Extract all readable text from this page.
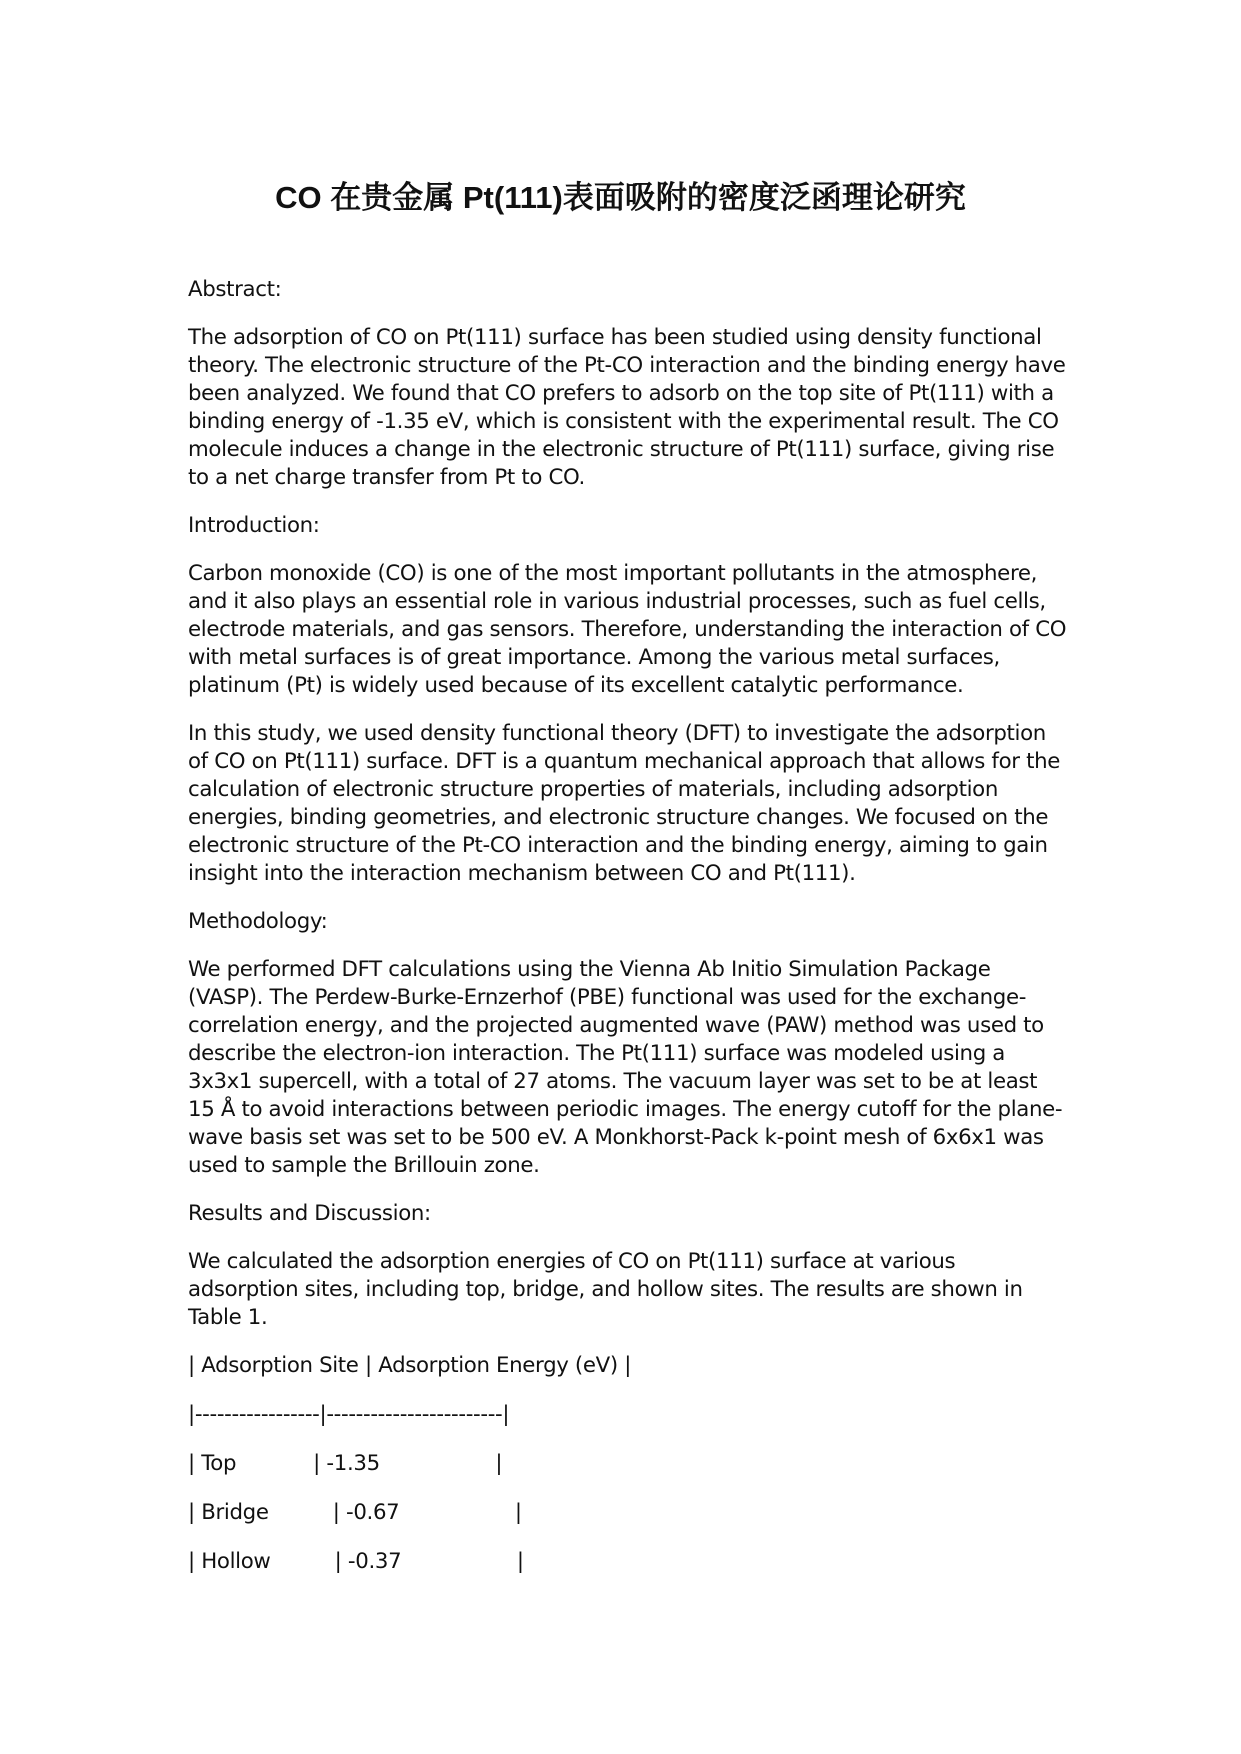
CO 在贵金属 Pt(111)表面吸附的密度泛函理论研究

Abstract:

The adsorption of CO on Pt(111) surface has been studied using density functional theory. The electronic structure of the Pt-CO interaction and the binding energy have been analyzed. We found that CO prefers to adsorb on the top site of Pt(111) with a binding energy of -1.35 eV, which is consistent with the experimental result. The CO molecule induces a change in the electronic structure of Pt(111) surface, giving rise to a net charge transfer from Pt to CO.

Introduction:

Carbon monoxide (CO) is one of the most important pollutants in the atmosphere, and it also plays an essential role in various industrial processes, such as fuel cells, electrode materials, and gas sensors. Therefore, understanding the interaction of CO with metal surfaces is of great importance. Among the various metal surfaces, platinum (Pt) is widely used because of its excellent catalytic performance.

In this study, we used density functional theory (DFT) to investigate the adsorption of CO on Pt(111) surface. DFT is a quantum mechanical approach that allows for the calculation of electronic structure properties of materials, including adsorption energies, binding geometries, and electronic structure changes. We focused on the electronic structure of the Pt-CO interaction and the binding energy, aiming to gain insight into the interaction mechanism between CO and Pt(111).

Methodology:

We performed DFT calculations using the Vienna Ab Initio Simulation Package (VASP). The Perdew-Burke-Ernzerhof (PBE) functional was used for the exchange-correlation energy, and the projected augmented wave (PAW) method was used to describe the electron-ion interaction. The Pt(111) surface was modeled using a 3x3x1 supercell, with a total of 27 atoms. The vacuum layer was set to be at least 15 Å to avoid interactions between periodic images. The energy cutoff for the plane-wave basis set was set to be 500 eV. A Monkhorst-Pack k-point mesh of 6x6x1 was used to sample the Brillouin zone.

Results and Discussion:

We calculated the adsorption energies of CO on Pt(111) surface at various adsorption sites, including top, bridge, and hollow sites. The results are shown in Table 1.

| Adsorption Site | Adsorption Energy (eV) |
|-----------------|------------------------|
| Top            | -1.35                  |
| Bridge          | -0.67                  |
| Hollow          | -0.37                  |
